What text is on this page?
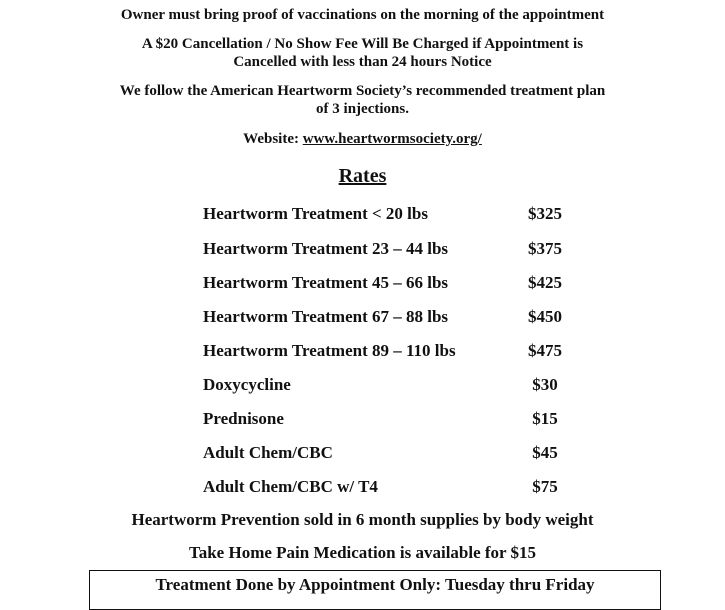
Owner must bring proof of vaccinations on the morning of the appointment
A $20 Cancellation / No Show Fee Will Be Charged if Appointment is
Cancelled with less than 24 hours Notice
We follow the American Heartworm Society’s recommended treatment plan
of 3 injections.
Website: www.heartwormsociety.org/
Rates
Heartworm Treatment < 20 lbs	$325
Heartworm Treatment 23 – 44 lbs	$375
Heartworm Treatment 45 – 66 lbs	$425
Heartworm Treatment 67 – 88 lbs	$450
Heartworm Treatment 89 – 110 lbs	$475
Doxycycline	$30
Prednisone	$15
Adult Chem/CBC	$45
Adult Chem/CBC w/ T4	$75
Heartworm Prevention sold in 6 month supplies by body weight
Take Home Pain Medication is available for $15
Treatment Done by Appointment Only: Tuesday thru Friday
